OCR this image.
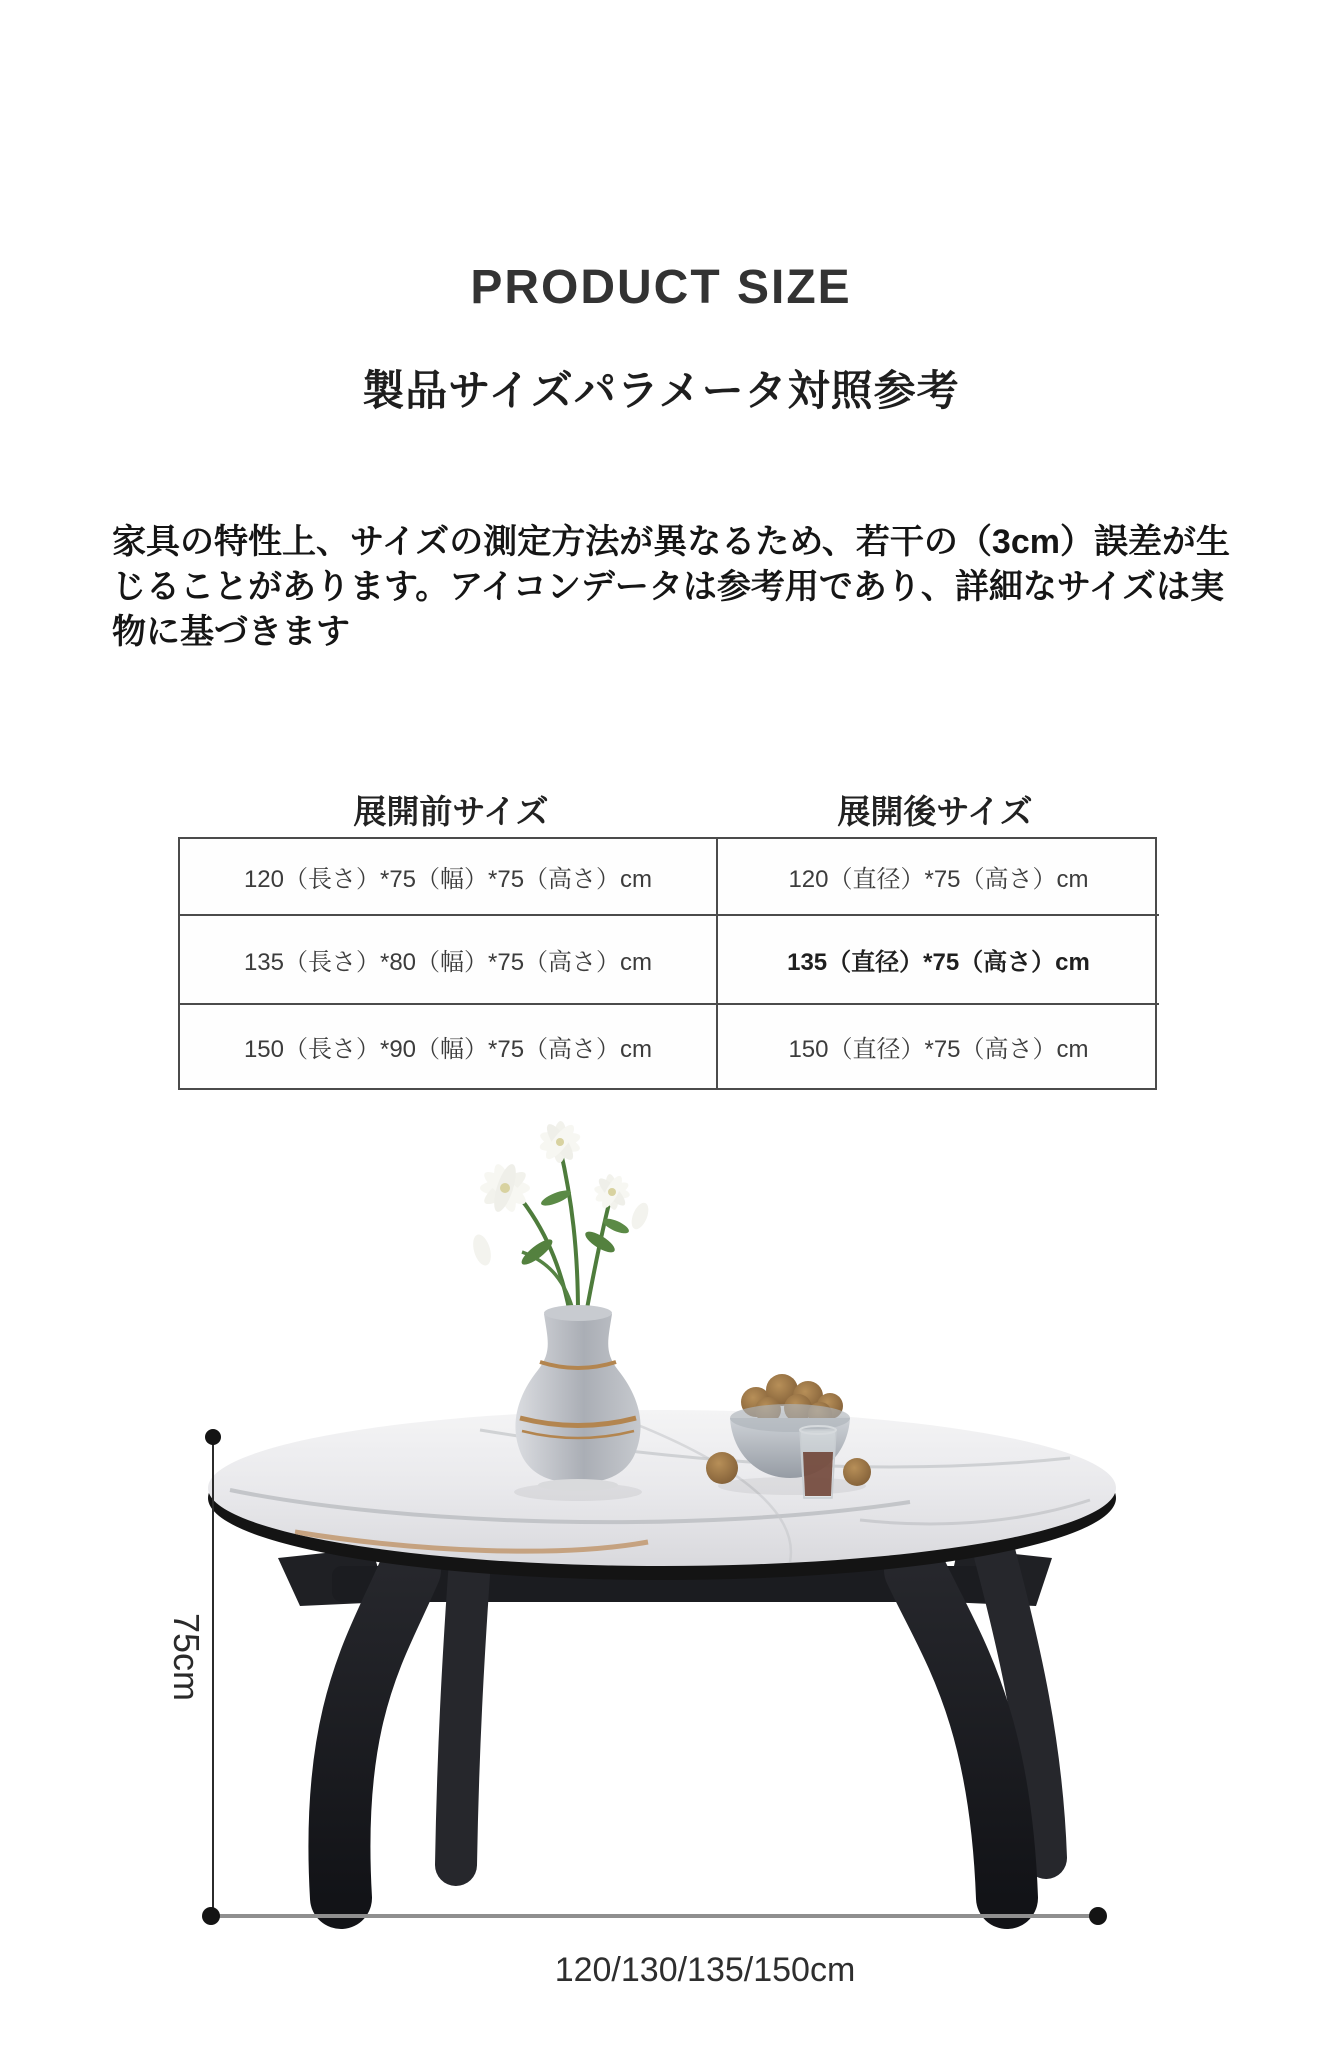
PRODUCT SIZE
製品サイズパラメータ対照参考
家具の特性上、サイズの測定方法が異なるため、若干の（3cm）誤差が生
じることがあります。アイコンデータは参考用であり、詳細なサイズは実
物に基づきます
展開前サイズ	展開後サイズ
120（長さ）*75（幅）*75（高さ）cm	120（直径）*75（高さ）cm
135（長さ）*80（幅）*75（高さ）cm	135（直径）*75（高さ）cm
150（長さ）*90（幅）*75（高さ）cm	150（直径）*75（高さ）cm
75cm
120/130/135/150cm
